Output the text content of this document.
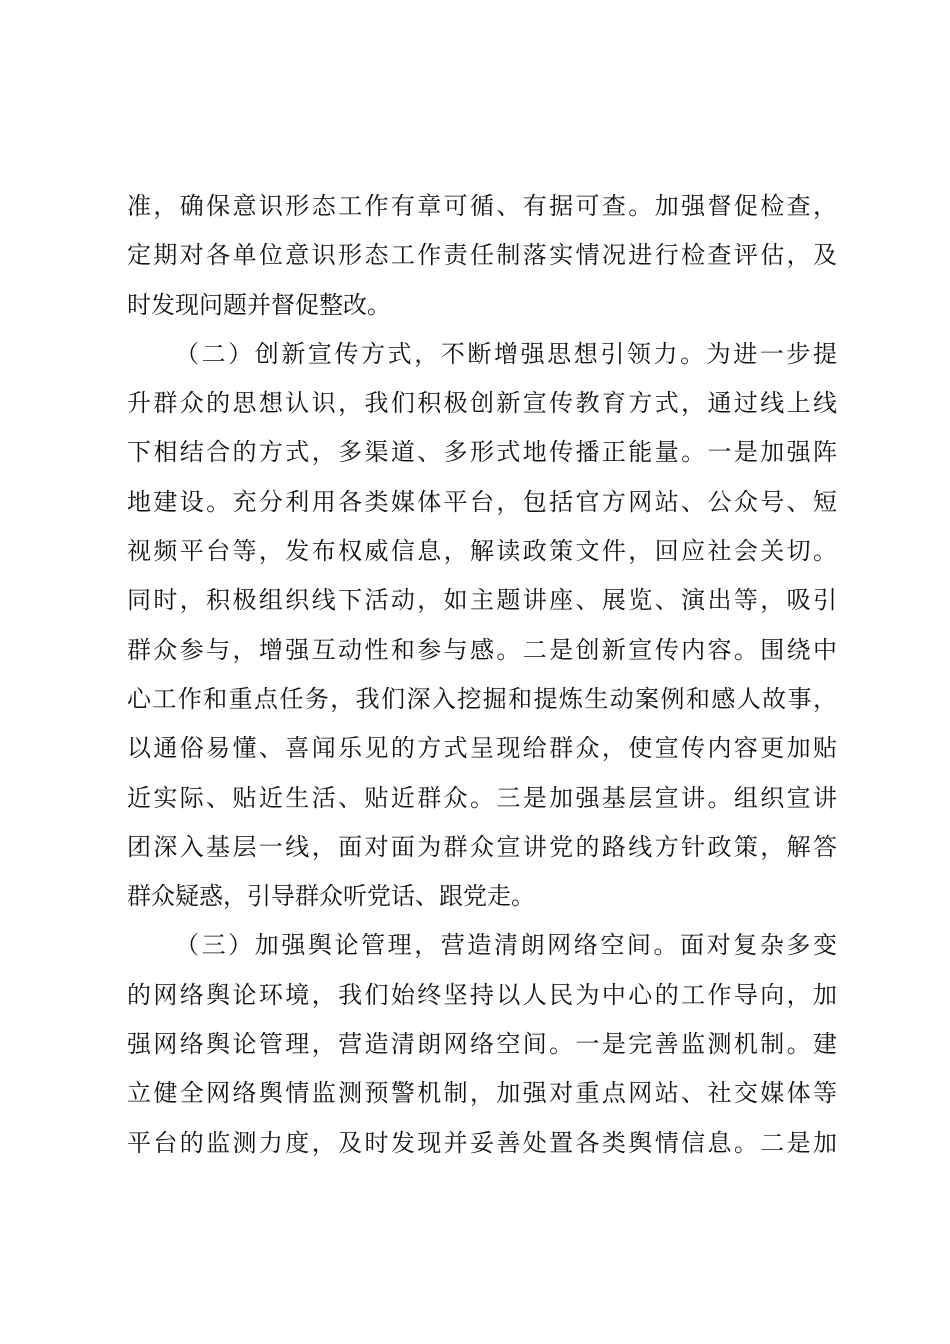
准，确保意识形态工作有章可循、有据可查。加强督促检查，
定期对各单位意识形态工作责任制落实情况进行检查评估，及
时发现问题并督促整改。
（二）创新宣传方式，不断增强思想引领力。为进一步提
升群众的思想认识，我们积极创新宣传教育方式，通过线上线
下相结合的方式，多渠道、多形式地传播正能量。一是加强阵
地建设。充分利用各类媒体平台，包括官方网站、公众号、短
视频平台等，发布权威信息，解读政策文件，回应社会关切。
同时，积极组织线下活动，如主题讲座、展览、演出等，吸引
群众参与，增强互动性和参与感。二是创新宣传内容。围绕中
心工作和重点任务，我们深入挖掘和提炼生动案例和感人故事，
以通俗易懂、喜闻乐见的方式呈现给群众，使宣传内容更加贴
近实际、贴近生活、贴近群众。三是加强基层宣讲。组织宣讲
团深入基层一线，面对面为群众宣讲党的路线方针政策，解答
群众疑惑，引导群众听党话、跟党走。
（三）加强舆论管理，营造清朗网络空间。面对复杂多变
的网络舆论环境，我们始终坚持以人民为中心的工作导向，加
强网络舆论管理，营造清朗网络空间。一是完善监测机制。建
立健全网络舆情监测预警机制，加强对重点网站、社交媒体等
平台的监测力度，及时发现并妥善处置各类舆情信息。二是加
